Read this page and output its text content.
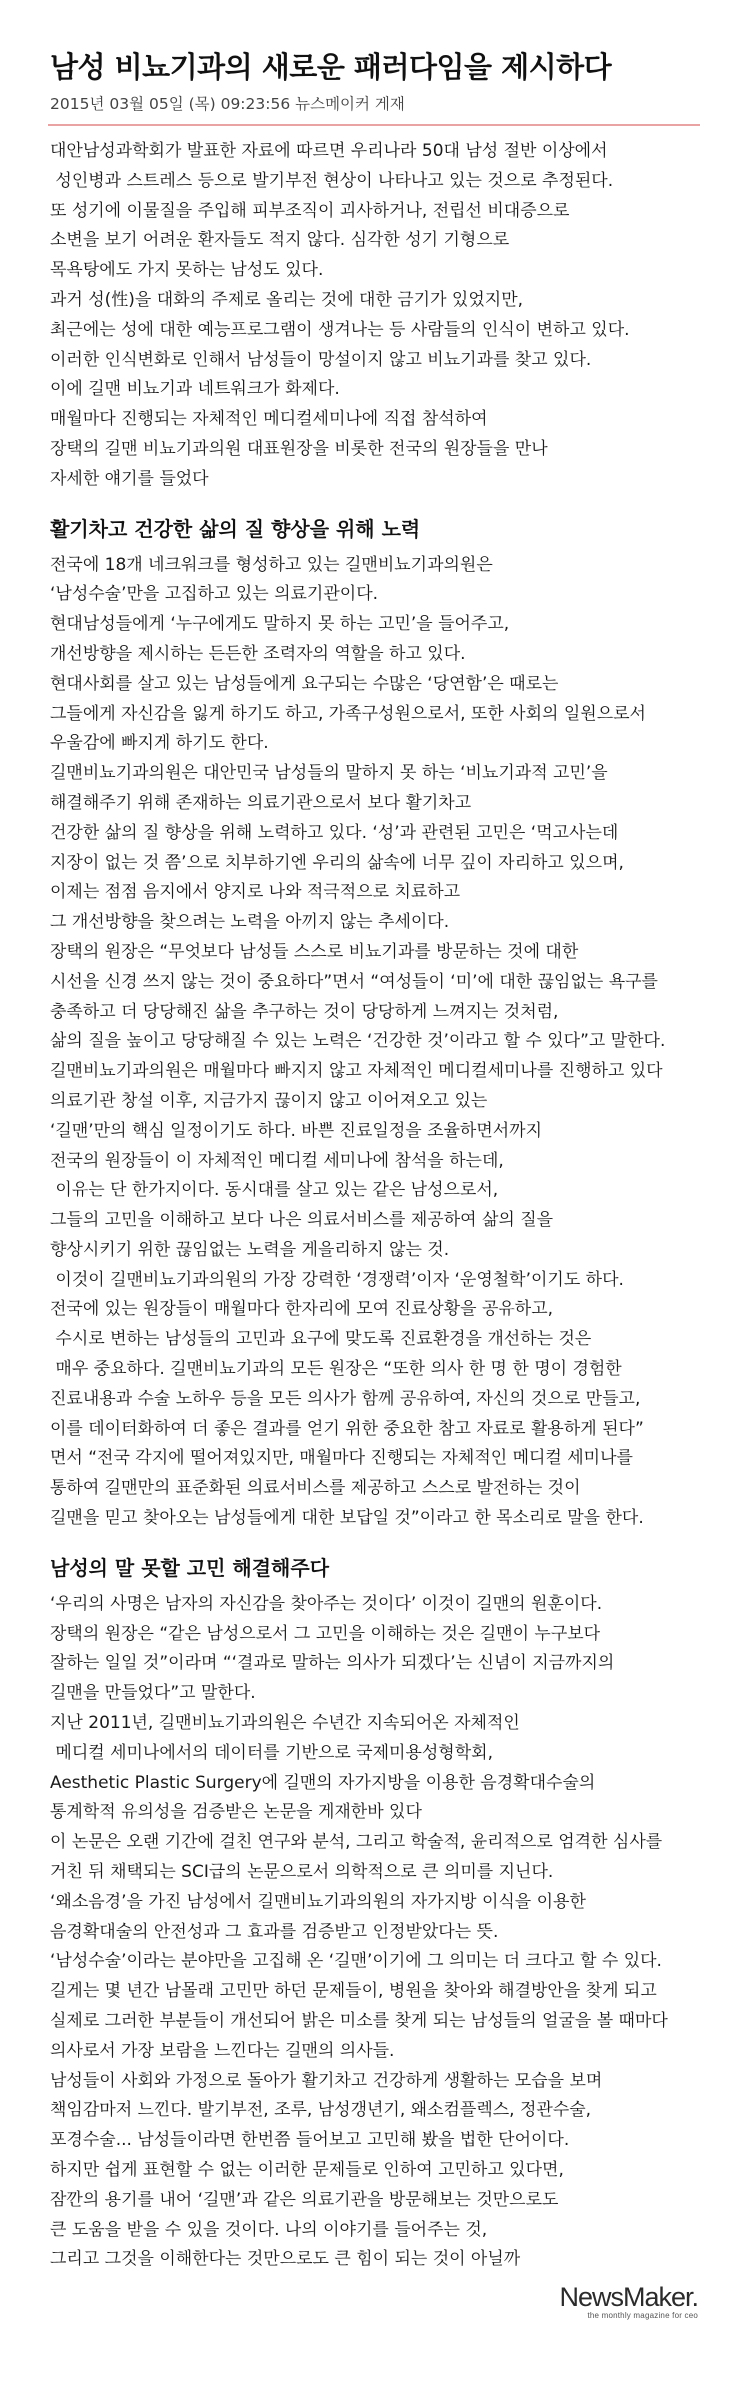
남성 비뇨기과의 새로운 패러다임을 제시하다
2015년 03월 05일 (목) 09:23:56 뉴스메이커 게재
대안남성과학회가 발표한 자료에 따르면 우리나라 50대 남성 절반 이상에서
성인병과 스트레스 등으로 발기부전 현상이 나타나고 있는 것으로 추정된다.
또 성기에 이물질을 주입해 피부조직이 괴사하거나, 전립선 비대증으로
소변을 보기 어려운 환자들도 적지 않다. 심각한 성기 기형으로
목욕탕에도 가지 못하는 남성도 있다.
과거 성(性)을 대화의 주제로 올리는 것에 대한 금기가 있었지만,
최근에는 성에 대한 예능프로그램이 생겨나는 등 사람들의 인식이 변하고 있다.
이러한 인식변화로 인해서 남성들이 망설이지 않고 비뇨기과를 찾고 있다.
이에 길맨 비뇨기과 네트워크가 화제다.
매월마다 진행되는 자체적인 메디컬세미나에 직접 참석하여
장택의 길맨 비뇨기과의원 대표원장을 비롯한 전국의 원장들을 만나
자세한 얘기를 들었다
활기차고 건강한 삶의 질 향상을 위해 노력
전국에 18개 네크워크를 형성하고 있는 길맨비뇨기과의원은
‘남성수술’만을 고집하고 있는 의료기관이다.
현대남성들에게 ‘누구에게도 말하지 못 하는 고민’을 들어주고,
개선방향을 제시하는 든든한 조력자의 역할을 하고 있다.
현대사회를 살고 있는 남성들에게 요구되는 수많은 ‘당연함’은 때로는
그들에게 자신감을 잃게 하기도 하고, 가족구성원으로서, 또한 사회의 일원으로서
우울감에 빠지게 하기도 한다.
길맨비뇨기과의원은 대안민국 남성들의 말하지 못 하는 ‘비뇨기과적 고민’을
해결해주기 위해 존재하는 의료기관으로서 보다 활기차고
건강한 삶의 질 향상을 위해 노력하고 있다. ‘성’과 관련된 고민은 ‘먹고사는데
지장이 없는 것 쯤’으로 치부하기엔 우리의 삶속에 너무 깊이 자리하고 있으며,
이제는 점점 음지에서 양지로 나와 적극적으로 치료하고
그 개선방향을 찾으려는 노력을 아끼지 않는 추세이다.
장택의 원장은 “무엇보다 남성들 스스로 비뇨기과를 방문하는 것에 대한
시선을 신경 쓰지 않는 것이 중요하다”면서 “여성들이 ‘미’에 대한 끊임없는 욕구를
충족하고 더 당당해진 삶을 추구하는 것이 당당하게 느껴지는 것처럼,
삶의 질을 높이고 당당해질 수 있는 노력은 ‘건강한 것’이라고 할 수 있다”고 말한다.
길맨비뇨기과의원은 매월마다 빠지지 않고 자체적인 메디컬세미나를 진행하고 있다
의료기관 창설 이후, 지금가지 끊이지 않고 이어져오고 있는
‘길맨’만의 핵심 일정이기도 하다. 바쁜 진료일정을 조율하면서까지
전국의 원장들이 이 자체적인 메디컬 세미나에 참석을 하는데,
이유는 단 한가지이다. 동시대를 살고 있는 같은 남성으로서,
그들의 고민을 이해하고 보다 나은 의료서비스를 제공하여 삶의 질을
향상시키기 위한 끊임없는 노력을 게을리하지 않는 것.
이것이 길맨비뇨기과의원의 가장 강력한 ‘경쟁력’이자 ‘운영철학’이기도 하다.
전국에 있는 원장들이 매월마다 한자리에 모여 진료상황을 공유하고,
수시로 변하는 남성들의 고민과 요구에 맞도록 진료환경을 개선하는 것은
매우 중요하다. 길맨비뇨기과의 모든 원장은 “또한 의사 한 명 한 명이 경험한
진료내용과 수술 노하우 등을 모든 의사가 함께 공유하여, 자신의 것으로 만들고,
이를 데이터화하여 더 좋은 결과를 얻기 위한 중요한 참고 자료로 활용하게 된다”
면서 “전국 각지에 떨어져있지만, 매월마다 진행되는 자체적인 메디컬 세미나를
통하여 길맨만의 표준화된 의료서비스를 제공하고 스스로 발전하는 것이
길맨을 믿고 찾아오는 남성들에게 대한 보답일 것”이라고 한 목소리로 말을 한다.
남성의 말 못할 고민 해결해주다
‘우리의 사명은 남자의 자신감을 찾아주는 것이다’ 이것이 길맨의 원훈이다.
장택의 원장은 “같은 남성으로서 그 고민을 이해하는 것은 길맨이 누구보다
잘하는 일일 것”이라며 “‘결과로 말하는 의사가 되겠다’는 신념이 지금까지의
길맨을 만들었다”고 말한다.
지난 2011년, 길맨비뇨기과의원은 수년간 지속되어온 자체적인
메디컬 세미나에서의 데이터를 기반으로 국제미용성형학회,
Aesthetic Plastic Surgery에 길맨의 자가지방을 이용한 음경확대수술의
통계학적 유의성을 검증받은 논문을 게재한바 있다
이 논문은 오랜 기간에 걸친 연구와 분석, 그리고 학술적, 윤리적으로 엄격한 심사를
거친 뒤 채택되는 SCI급의 논문으로서 의학적으로 큰 의미를 지닌다.
‘왜소음경’을 가진 남성에서 길맨비뇨기과의원의 자가지방 이식을 이용한
음경확대술의 안전성과 그 효과를 검증받고 인정받았다는 뜻.
‘남성수술’이라는 분야만을 고집해 온 ‘길맨’이기에 그 의미는 더 크다고 할 수 있다.
길게는 몇 년간 남몰래 고민만 하던 문제들이, 병원을 찾아와 해결방안을 찾게 되고
실제로 그러한 부분들이 개선되어 밝은 미소를 찾게 되는 남성들의 얼굴을 볼 때마다
의사로서 가장 보람을 느낀다는 길맨의 의사들.
남성들이 사회와 가정으로 돌아가 활기차고 건강하게 생활하는 모습을 보며
책임감마저 느낀다. 발기부전, 조루, 남성갱년기, 왜소컴플렉스, 정관수술,
포경수술... 남성들이라면 한번쯤 들어보고 고민해 봤을 법한 단어이다.
하지만 쉽게 표현할 수 없는 이러한 문제들로 인하여 고민하고 있다면,
잠깐의 용기를 내어 ‘길맨’과 같은 의료기관을 방문해보는 것만으로도
큰 도움을 받을 수 있을 것이다. 나의 이야기를 들어주는 것,
그리고 그것을 이해한다는 것만으로도 큰 힘이 되는 것이 아닐까
NewsMaker.
the monthly magazine for ceo
